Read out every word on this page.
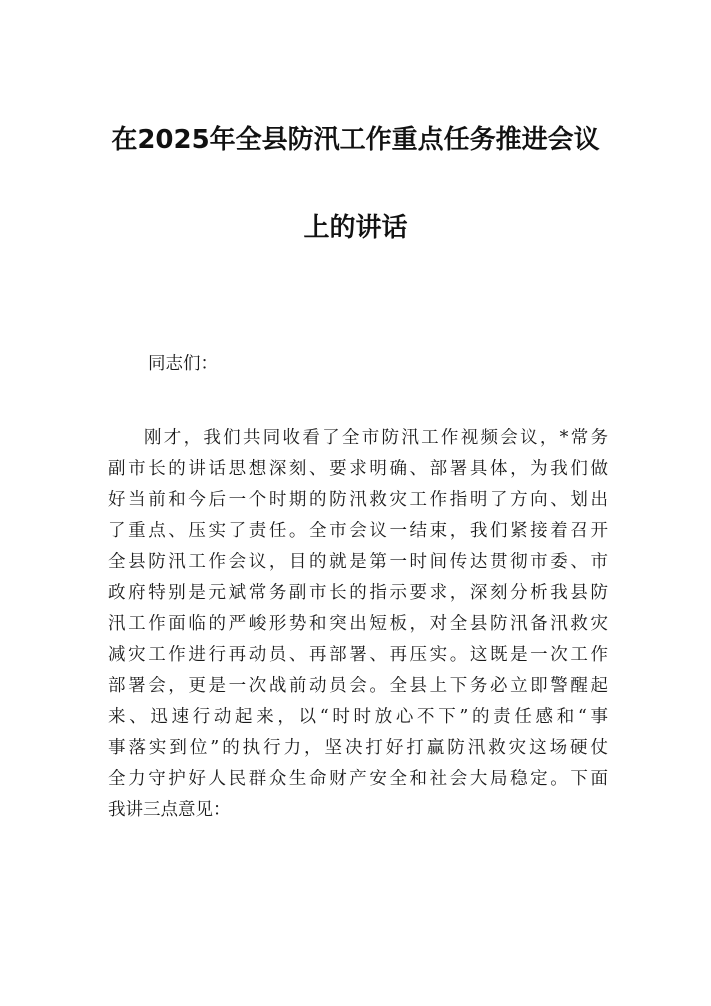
在2025年全县防汛工作重点任务推进会议
上的讲话
同志们：
刚才，我们共同收看了全市防汛工作视频会议，*常务
副市长的讲话思想深刻、要求明确、部署具体，为我们做
好当前和今后一个时期的防汛救灾工作指明了方向、划出
了重点、压实了责任。全市会议一结束，我们紧接着召开
全县防汛工作会议，目的就是第一时间传达贯彻市委、市
政府特别是元斌常务副市长的指示要求，深刻分析我县防
汛工作面临的严峻形势和突出短板，对全县防汛备汛救灾
减灾工作进行再动员、再部署、再压实。这既是一次工作
部署会，更是一次战前动员会。全县上下务必立即警醒起
来、迅速行动起来，以“时时放心不下”的责任感和“事
事落实到位”的执行力，坚决打好打赢防汛救灾这场硬仗
全力守护好人民群众生命财产安全和社会大局稳定。下面
我讲三点意见：
